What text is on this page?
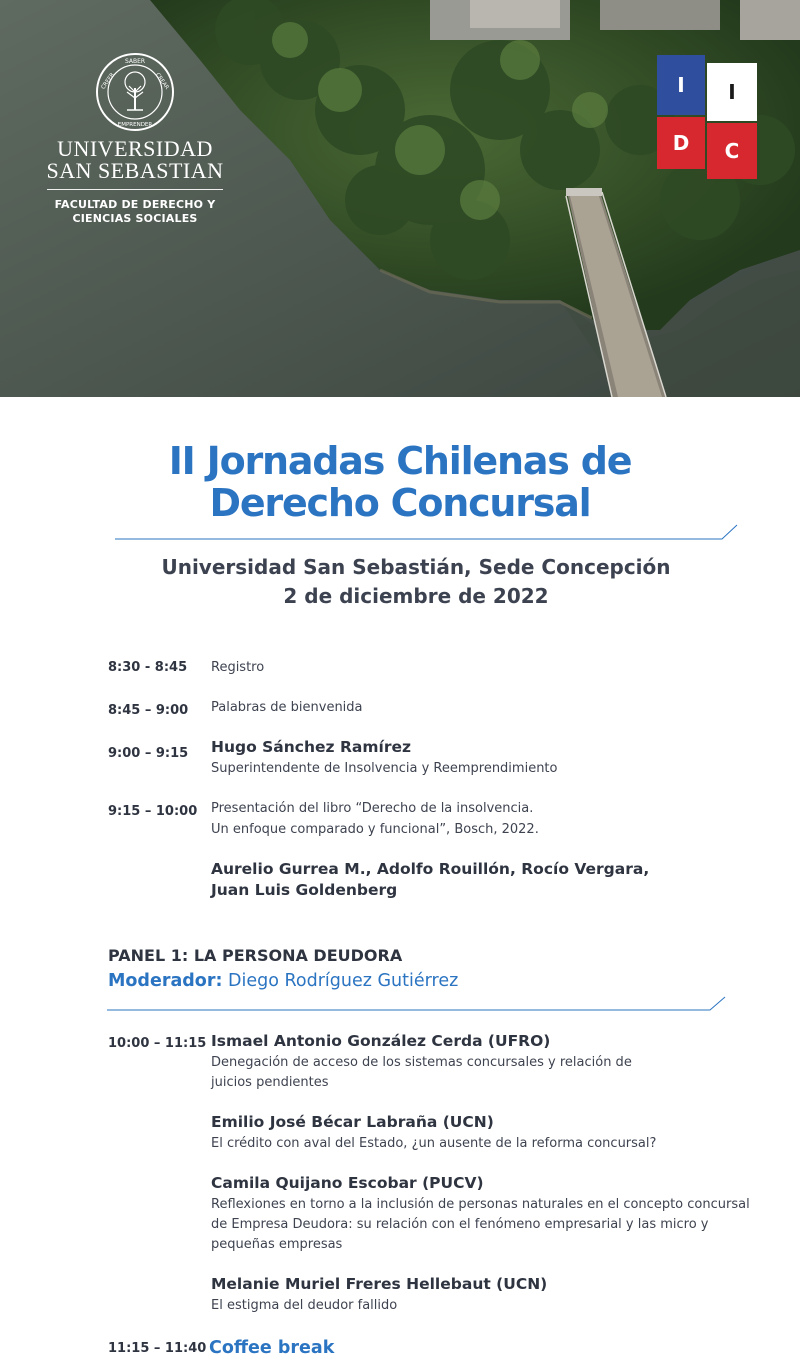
SABER
CREER	CREAR
EMPRENDER
UNIVERSIDAD
SAN SEBASTIAN
FACULTAD DE DERECHO Y
CIENCIAS SOCIALES
I	I
D	C
II Jornadas Chilenas de
Derecho Concursal
Universidad San Sebastián, Sede Concepción
2 de diciembre de 2022
8:30 - 8:45 Registro
8:45 – 9:00 Palabras de bienvenida
9:00 – 9:15 Hugo Sánchez Ramírez
Superintendente de Insolvencia y Reemprendimiento
9:15 – 10:00 Presentación del libro “Derecho de la insolvencia.
Un enfoque comparado y funcional”, Bosch, 2022.
Aurelio Gurrea M., Adolfo Rouillón, Rocío Vergara,
Juan Luis Goldenberg
PANEL 1: LA PERSONA DEUDORA
Moderador: Diego Rodríguez Gutiérrez
10:00 – 11:15 Ismael Antonio González Cerda (UFRO)
Denegación de acceso de los sistemas concursales y relación de
juicios pendientes
Emilio José Bécar Labraña (UCN)
El crédito con aval del Estado, ¿un ausente de la reforma concursal?
Camila Quijano Escobar (PUCV)
Reflexiones en torno a la inclusión de personas naturales en el concepto concursal
de Empresa Deudora: su relación con el fenómeno empresarial y las micro y
pequeñas empresas
Melanie Muriel Freres Hellebaut (UCN)
El estigma del deudor fallido
11:15 – 11:40 Coffee break
